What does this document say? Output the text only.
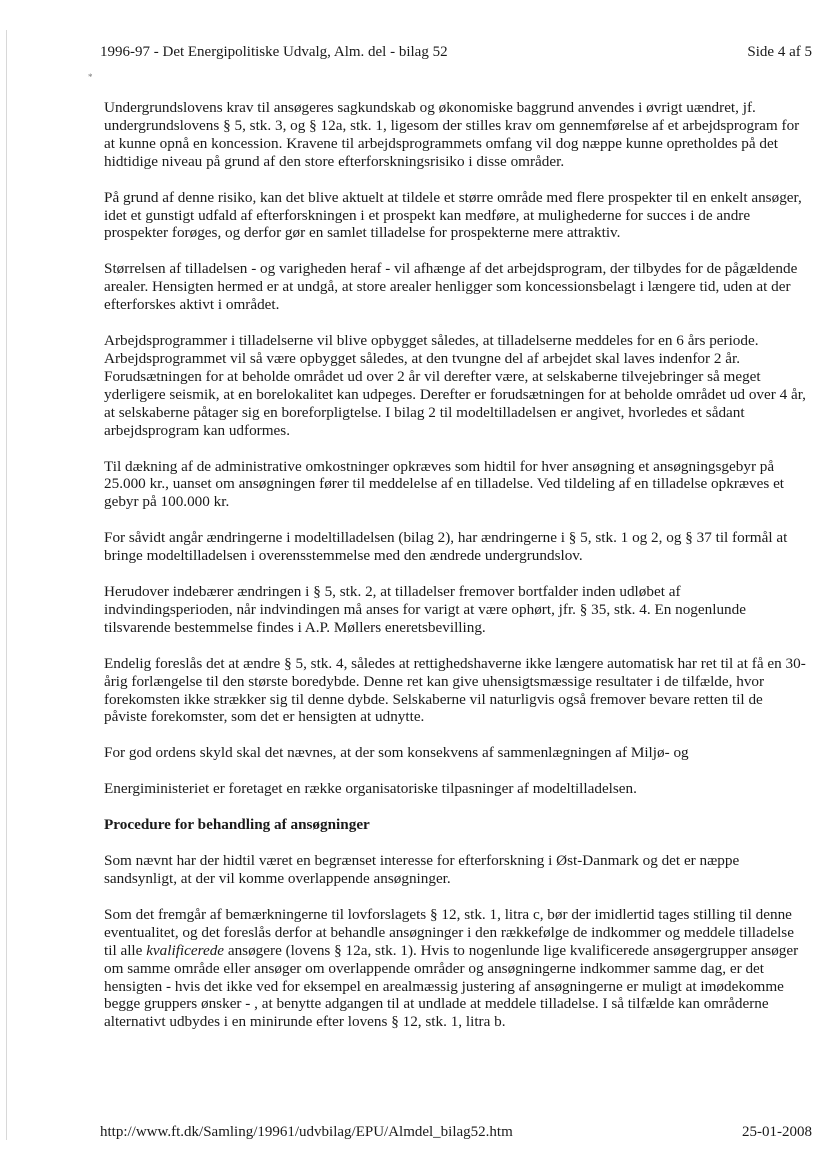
1996-97 - Det Energipolitiske Udvalg, Alm. del - bilag 52	Side 4 af 5
*

Undergrundslovens krav til ansøgeres sagkundskab og økonomiske baggrund anvendes i øvrigt uændret, jf. undergrundslovens § 5, stk. 3, og § 12a, stk. 1, ligesom der stilles krav om gennemførelse af et arbejdsprogram for at kunne opnå en koncession. Kravene til arbejdsprogrammets omfang vil dog næppe kunne opretholdes på det hidtidige niveau på grund af den store efterforskningsrisiko i disse områder.

På grund af denne risiko, kan det blive aktuelt at tildele et større område med flere prospekter til en enkelt ansøger, idet et gunstigt udfald af efterforskningen i et prospekt kan medføre, at mulighederne for succes i de andre prospekter forøges, og derfor gør en samlet tilladelse for prospekterne mere attraktiv.

Størrelsen af tilladelsen - og varigheden heraf - vil afhænge af det arbejdsprogram, der tilbydes for de pågældende arealer. Hensigten hermed er at undgå, at store arealer henligger som koncessionsbelagt i længere tid, uden at der efterforskes aktivt i området.

Arbejdsprogrammer i tilladelserne vil blive opbygget således, at tilladelserne meddeles for en 6 års periode. Arbejdsprogrammet vil så være opbygget således, at den tvungne del af arbejdet skal laves indenfor 2 år. Forudsætningen for at beholde området ud over 2 år vil derefter være, at selskaberne tilvejebringer så meget yderligere seismik, at en borelokalitet kan udpeges. Derefter er forudsætningen for at beholde området ud over 4 år, at selskaberne påtager sig en boreforpligtelse. I bilag 2 til modeltilladelsen er angivet, hvorledes et sådant arbejdsprogram kan udformes.

Til dækning af de administrative omkostninger opkræves som hidtil for hver ansøgning et ansøgningsgebyr på 25.000 kr., uanset om ansøgningen fører til meddelelse af en tilladelse. Ved tildeling af en tilladelse opkræves et gebyr på 100.000 kr.

For såvidt angår ændringerne i modeltilladelsen (bilag 2), har ændringerne i § 5, stk. 1 og 2, og § 37 til formål at bringe modeltilladelsen i overensstemmelse med den ændrede undergrundslov.

Herudover indebærer ændringen i § 5, stk. 2, at tilladelser fremover bortfalder inden udløbet af indvindingsperioden, når indvindingen må anses for varigt at være ophørt, jfr. § 35, stk. 4. En nogenlunde tilsvarende bestemmelse findes i A.P. Møllers eneretsbevilling.

Endelig foreslås det at ændre § 5, stk. 4, således at rettighedshaverne ikke længere automatisk har ret til at få en 30-årig forlængelse til den største boredybde. Denne ret kan give uhensigtsmæssige resultater i de tilfælde, hvor forekomsten ikke strækker sig til denne dybde. Selskaberne vil naturligvis også fremover bevare retten til de påviste forekomster, som det er hensigten at udnytte.

For god ordens skyld skal det nævnes, at der som konsekvens af sammenlægningen af Miljø- og

Energiministeriet er foretaget en række organisatoriske tilpasninger af modeltilladelsen.

Procedure for behandling af ansøgninger

Som nævnt har der hidtil været en begrænset interesse for efterforskning i Øst-Danmark og det er næppe sandsynligt, at der vil komme overlappende ansøgninger.

Som det fremgår af bemærkningerne til lovforslagets § 12, stk. 1, litra c, bør der imidlertid tages stilling til denne eventualitet, og det foreslås derfor at behandle ansøgninger i den rækkefølge de indkommer og meddele tilladelse til alle kvalificerede ansøgere (lovens § 12a, stk. 1). Hvis to nogenlunde lige kvalificerede ansøgergrupper ansøger om samme område eller ansøger om overlappende områder og ansøgningerne indkommer samme dag, er det hensigten - hvis det ikke ved for eksempel en arealmæssig justering af ansøgningerne er muligt at imødekomme begge gruppers ønsker - , at benytte adgangen til at undlade at meddele tilladelse. I så tilfælde kan områderne alternativt udbydes i en minirunde efter lovens § 12, stk. 1, litra b.

http://www.ft.dk/Samling/19961/udvbilag/EPU/Almdel_bilag52.htm	25-01-2008
